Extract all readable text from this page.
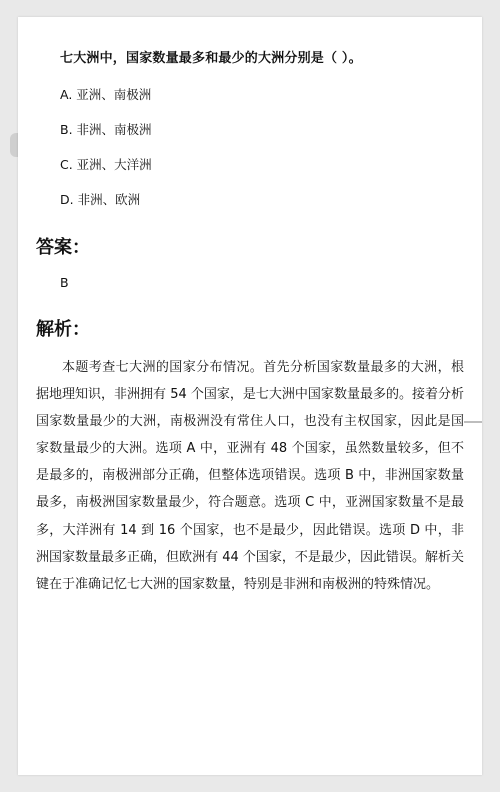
七大洲中，国家数量最多和最少的大洲分别是（ ）。
A. 亚洲、南极洲
B. 非洲、南极洲
C. 亚洲、大洋洲
D. 非洲、欧洲
答案：
B
解析：

本题考查七大洲的国家分布情况。首先分析国家数量最多的大洲，根据地理知识，非洲拥有 54 个国家，是七大洲中国家数量最多的。接着分析国家数量最少的大洲，南极洲没有常住人口，也没有主权国家，因此是国家数量最少的大洲。选项 A 中，亚洲有 48 个国家，虽然数量较多，但不是最多的，南极洲部分正确，但整体选项错误。选项 B 中，非洲国家数量最多，南极洲国家数量最少，符合题意。选项 C 中，亚洲国家数量不是最多，大洋洲有 14 到 16 个国家，也不是最少，因此错误。选项 D 中，非洲国家数量最多正确，但欧洲有 44 个国家，不是最少，因此错误。解析关键在于准确记忆七大洲的国家数量，特别是非洲和南极洲的特殊情况。
